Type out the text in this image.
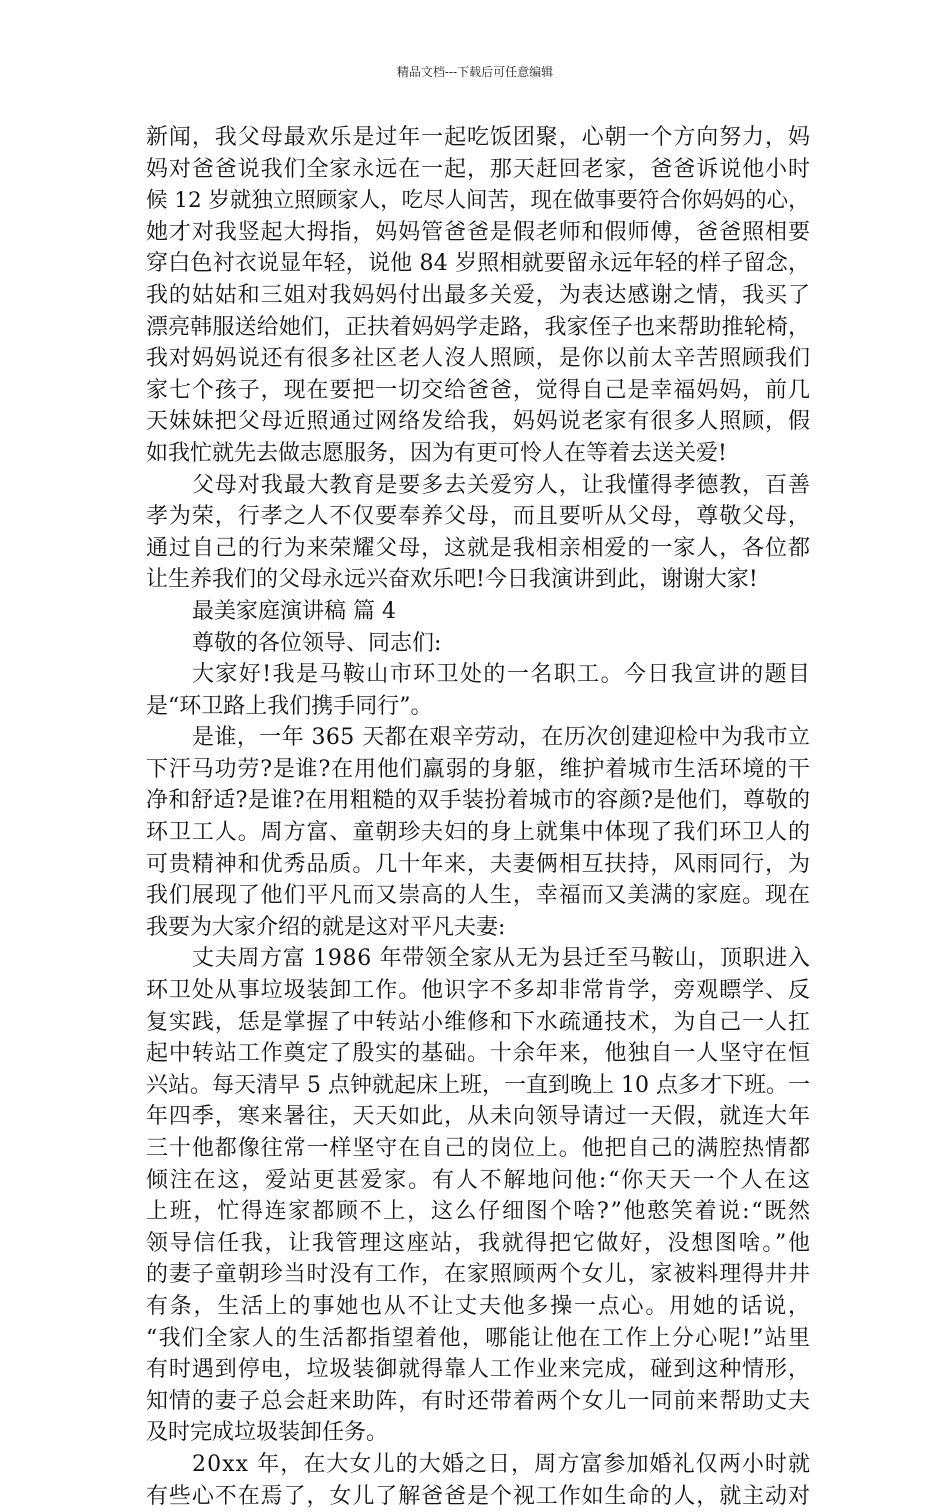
精品文档---下载后可任意编辑
新闻，我父母最欢乐是过年一起吃饭团聚，心朝一个方向努力，妈
妈对爸爸说我们全家永远在一起，那天赶回老家，爸爸诉说他小时
候 12 岁就独立照顾家人，吃尽人间苦，现在做事要符合你妈妈的心，
她才对我竖起大拇指，妈妈管爸爸是假老师和假师傅，爸爸照相要
穿白色衬衣说显年轻，说他 84 岁照相就要留永远年轻的样子留念，
我的姑姑和三姐对我妈妈付出最多关爱，为表达感谢之情，我买了
漂亮韩服送给她们，正扶着妈妈学走路，我家侄子也来帮助推轮椅，
我对妈妈说还有很多社区老人沒人照顾，是你以前太辛苦照顾我们
家七个孩子，现在要把一切交给爸爸，觉得自己是幸福妈妈，前几
天妹妹把父母近照通过网络发给我，妈妈说老家有很多人照顾，假
如我忙就先去做志愿服务，因为有更可怜人在等着去送关爱!
父母对我最大教育是要多去关爱穷人，让我懂得孝德教，百善
孝为荣，行孝之人不仅要奉养父母，而且要听从父母，尊敬父母，
通过自己的行为来荣耀父母，这就是我相亲相爱的一家人，各位都
让生养我们的父母永远兴奋欢乐吧!今日我演讲到此，谢谢大家!
最美家庭演讲稿 篇 4
尊敬的各位领导、同志们:
大家好!我是马鞍山市环卫处的一名职工。今日我宣讲的题目
是“环卫路上我们携手同行”。
是谁，一年 365 天都在艰辛劳动，在历次创建迎检中为我市立
下汗马功劳?是谁?在用他们羸弱的身躯，维护着城市生活环境的干
净和舒适?是谁?在用粗糙的双手装扮着城市的容颜?是他们，尊敬的
环卫工人。周方富、童朝珍夫妇的身上就集中体现了我们环卫人的
可贵精神和优秀品质。几十年来，夫妻俩相互扶持，风雨同行，为
我们展现了他们平凡而又崇高的人生，幸福而又美满的家庭。现在
我要为大家介绍的就是这对平凡夫妻:
丈夫周方富 1986 年带领全家从无为县迁至马鞍山，顶职进入
环卫处从事垃圾装卸工作。他识字不多却非常肯学，旁观瞟学、反
复实践，恁是掌握了中转站小维修和下水疏通技术，为自己一人扛
起中转站工作奠定了殷实的基础。十余年来，他独自一人坚守在恒
兴站。每天清早 5 点钟就起床上班，一直到晚上 10 点多才下班。一
年四季，寒来暑往，天天如此，从未向领导请过一天假，就连大年
三十他都像往常一样坚守在自己的岗位上。他把自己的满腔热情都
倾注在这，爱站更甚爱家。有人不解地问他:“你天天一个人在这
上班，忙得连家都顾不上，这么仔细图个啥?”他憨笑着说:“既然
领导信任我，让我管理这座站，我就得把它做好，没想图啥。”他
的妻子童朝珍当时没有工作，在家照顾两个女儿，家被料理得井井
有条，生活上的事她也从不让丈夫他多操一点心。用她的话说，
“我们全家人的生活都指望着他，哪能让他在工作上分心呢!”站里
有时遇到停电，垃圾装御就得靠人工作业来完成，碰到这种情形，
知情的妻子总会赶来助阵，有时还带着两个女儿一同前来帮助丈夫
及时完成垃圾装卸任务。
20xx 年，在大女儿的大婚之日，周方富参加婚礼仅两小时就
有些心不在焉了，女儿了解爸爸是个视工作如生命的人，就主动对
